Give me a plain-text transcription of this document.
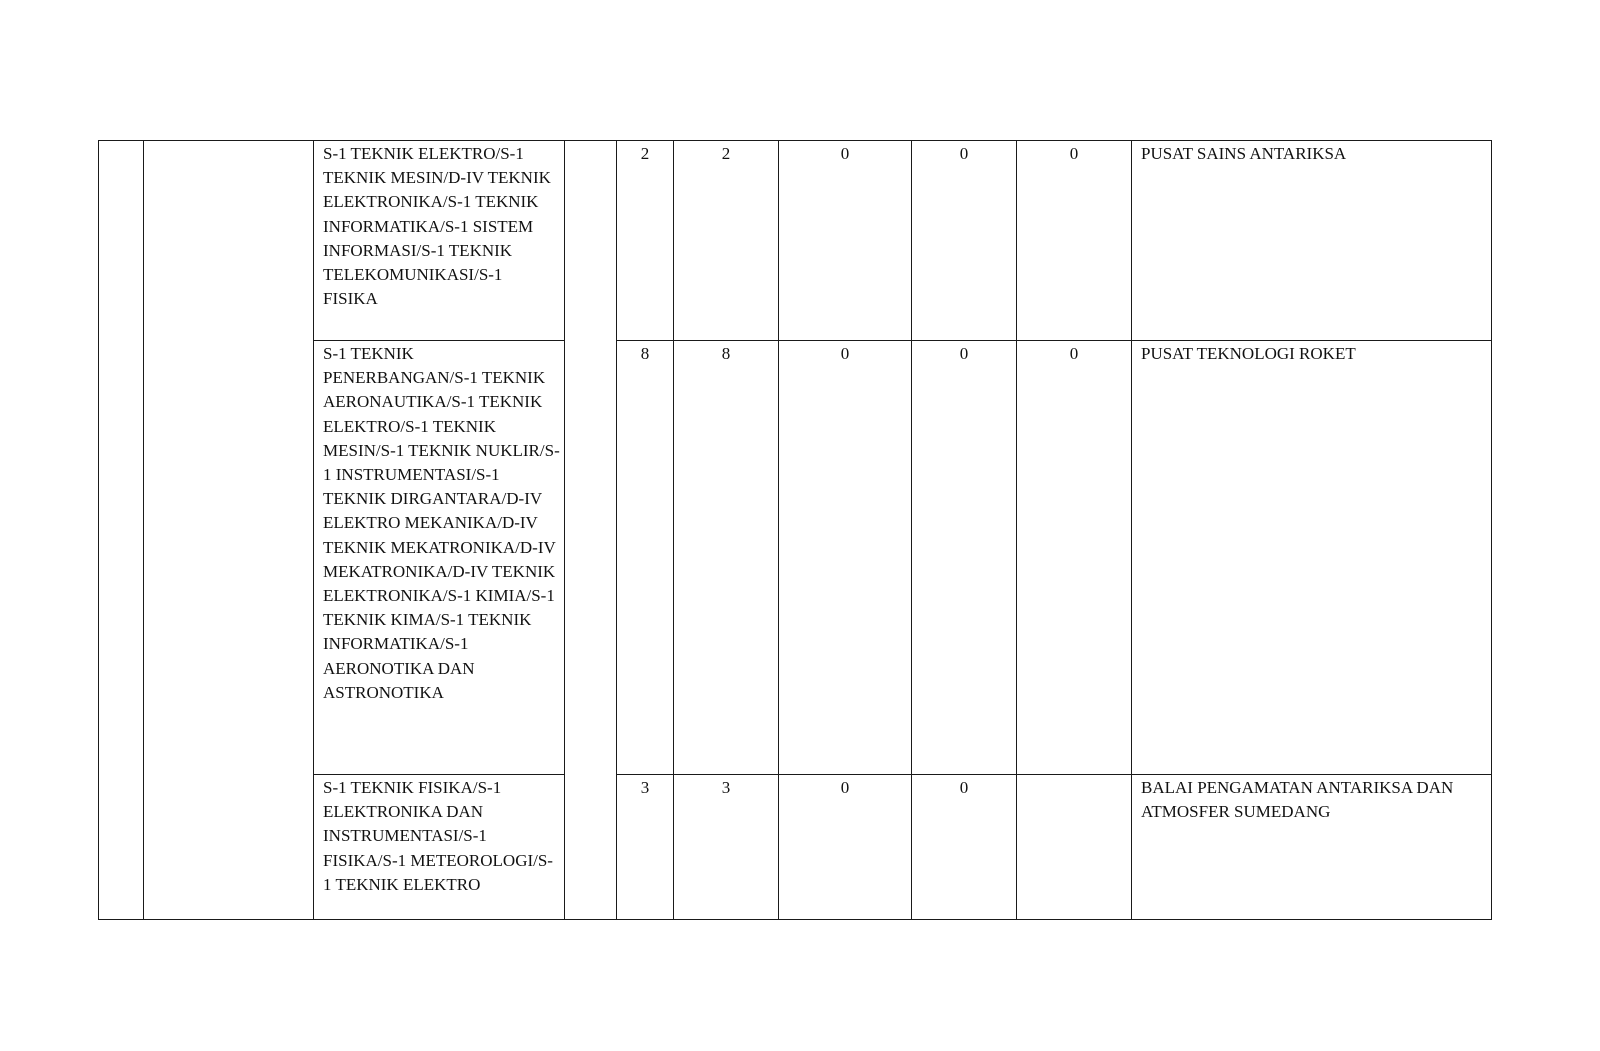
		S-1 TEKNIK ELEKTRO/S-1 TEKNIK MESIN/D-IV TEKNIK ELEKTRONIKA/S-1 TEKNIK INFORMATIKA/S-1 SISTEM INFORMASI/S-1 TEKNIK TELEKOMUNIKASI/S-1 FISIKA		2	2	0	0	0	PUSAT SAINS ANTARIKSA
		S-1 TEKNIK PENERBANGAN/S-1 TEKNIK AERONAUTIKA/S-1 TEKNIK ELEKTRO/S-1 TEKNIK MESIN/S-1 TEKNIK NUKLIR/S-1 INSTRUMENTASI/S-1 TEKNIK DIRGANTARA/D-IV ELEKTRO MEKANIKA/D-IV TEKNIK MEKATRONIKA/D-IV MEKATRONIKA/D-IV TEKNIK ELEKTRONIKA/S-1 KIMIA/S-1 TEKNIK KIMA/S-1 TEKNIK INFORMATIKA/S-1 AERONOTIKA DAN ASTRONOTIKA		8	8	0	0	0	PUSAT TEKNOLOGI ROKET
		S-1 TEKNIK FISIKA/S-1 ELEKTRONIKA DAN INSTRUMENTASI/S-1 FISIKA/S-1 METEOROLOGI/S-1 TEKNIK ELEKTRO		3	3	0	0		BALAI PENGAMATAN ANTARIKSA DAN ATMOSFER SUMEDANG
